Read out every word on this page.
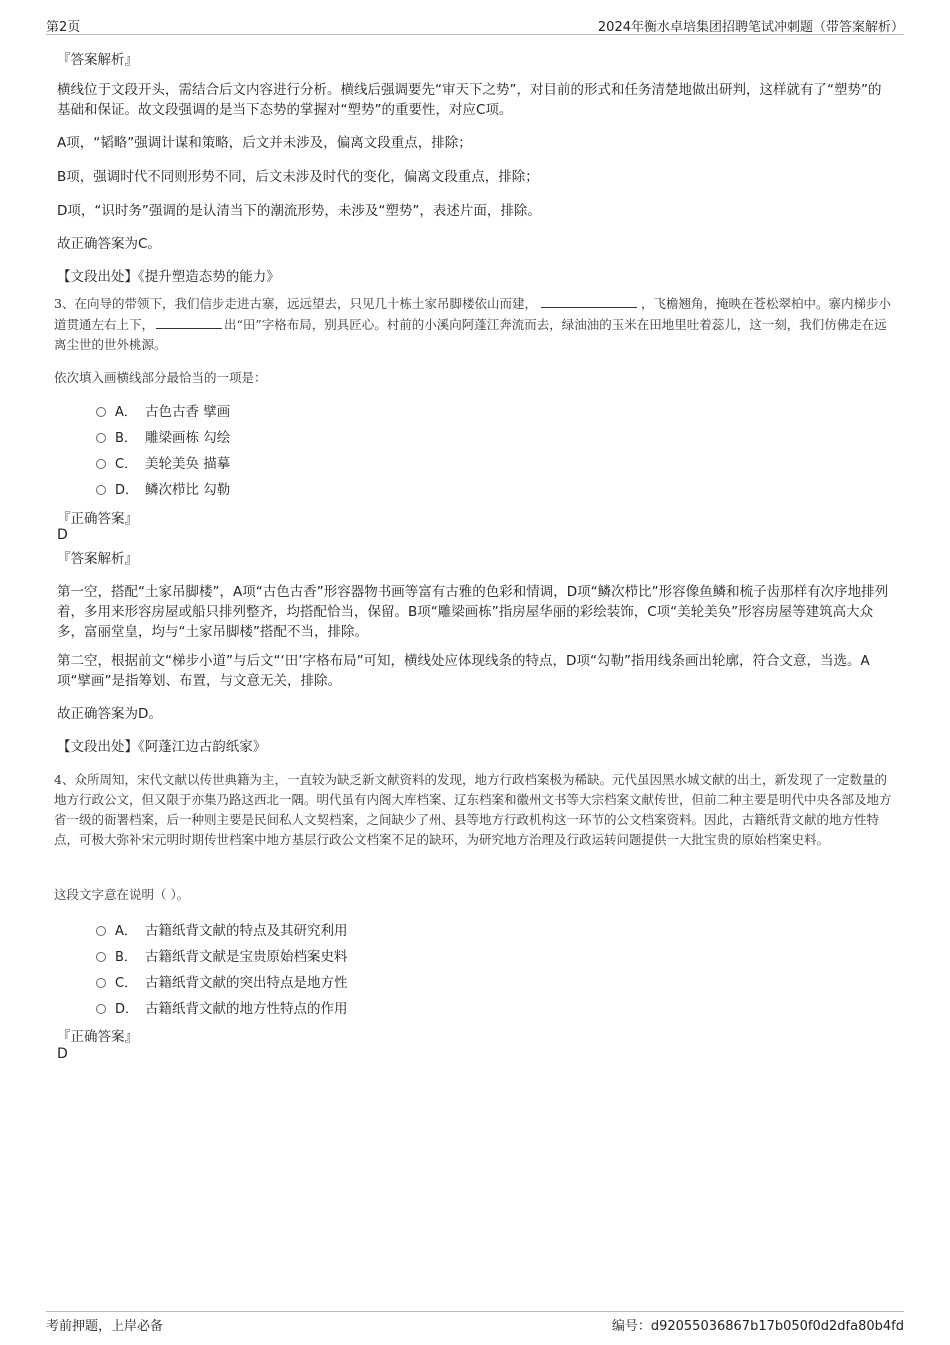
第2页	2024年衡水卓培集团招聘笔试冲刺题（带答案解析）
『答案解析』
横线位于文段开头，需结合后文内容进行分析。横线后强调要先“审天下之势”，对目前的形式和任务清楚地做出研判，这样就有了“塑势”的基础和保证。故文段强调的是当下态势的掌握对“塑势”的重要性，对应C项。
A项，“韬略”强调计谋和策略，后文并未涉及，偏离文段重点，排除；
B项，强调时代不同则形势不同，后文未涉及时代的变化，偏离文段重点，排除；
D项，“识时务”强调的是认清当下的潮流形势，未涉及“塑势”，表述片面，排除。
故正确答案为C。
【文段出处】《提升塑造态势的能力》
3、在向导的带领下，我们信步走进古寨，远远望去，只见几十栋土家吊脚楼依山而建，	，飞檐翘角，掩映在苍松翠柏中。寨内梯步小道贯通左右上下，	出“田”字格布局，别具匠心。村前的小溪向阿蓬江奔流而去，绿油油的玉米在田地里吐着蕊儿，这一刻，我们仿佛走在远离尘世的世外桃源。
依次填入画横线部分最恰当的一项是：
A． 古色古香 擘画
B． 雕梁画栋 勾绘
C． 美轮美奂 描摹
D． 鳞次栉比 勾勒
『正确答案』
D
『答案解析』
第一空，搭配“土家吊脚楼”，A项“古色古香”形容器物书画等富有古雅的色彩和情调，D项“鳞次栉比”形容像鱼鳞和梳子齿那样有次序地排列着，多用来形容房屋或船只排列整齐，均搭配恰当，保留。B项“雕梁画栋”指房屋华丽的彩绘装饰，C项“美轮美奂”形容房屋等建筑高大众多，富丽堂皇，均与“土家吊脚楼”搭配不当，排除。
第二空，根据前文“梯步小道”与后文“‘田’字格布局”可知，横线处应体现线条的特点，D项“勾勒”指用线条画出轮廓，符合文意，当选。A项“擘画”是指筹划、布置，与文意无关，排除。
故正确答案为D。
【文段出处】《阿蓬江边古韵纸家》
4、众所周知，宋代文献以传世典籍为主，一直较为缺乏新文献资料的发现，地方行政档案极为稀缺。元代虽因黑水城文献的出土，新发现了一定数量的地方行政公文，但又限于亦集乃路这西北一隅。明代虽有内阁大库档案、辽东档案和徽州文书等大宗档案文献传世，但前二种主要是明代中央各部及地方省一级的衙署档案，后一种则主要是民间私人文契档案，之间缺少了州、县等地方行政机构这一环节的公文档案资料。因此，古籍纸背文献的地方性特点，可极大弥补宋元明时期传世档案中地方基层行政公文档案不足的缺环，为研究地方治理及行政运转问题提供一大批宝贵的原始档案史料。
这段文字意在说明（ ）。
A． 古籍纸背文献的特点及其研究利用
B． 古籍纸背文献是宝贵原始档案史料
C． 古籍纸背文献的突出特点是地方性
D． 古籍纸背文献的地方性特点的作用
『正确答案』
D
考前押题，上岸必备	编号：d92055036867b17b050f0d2dfa80b4fd
